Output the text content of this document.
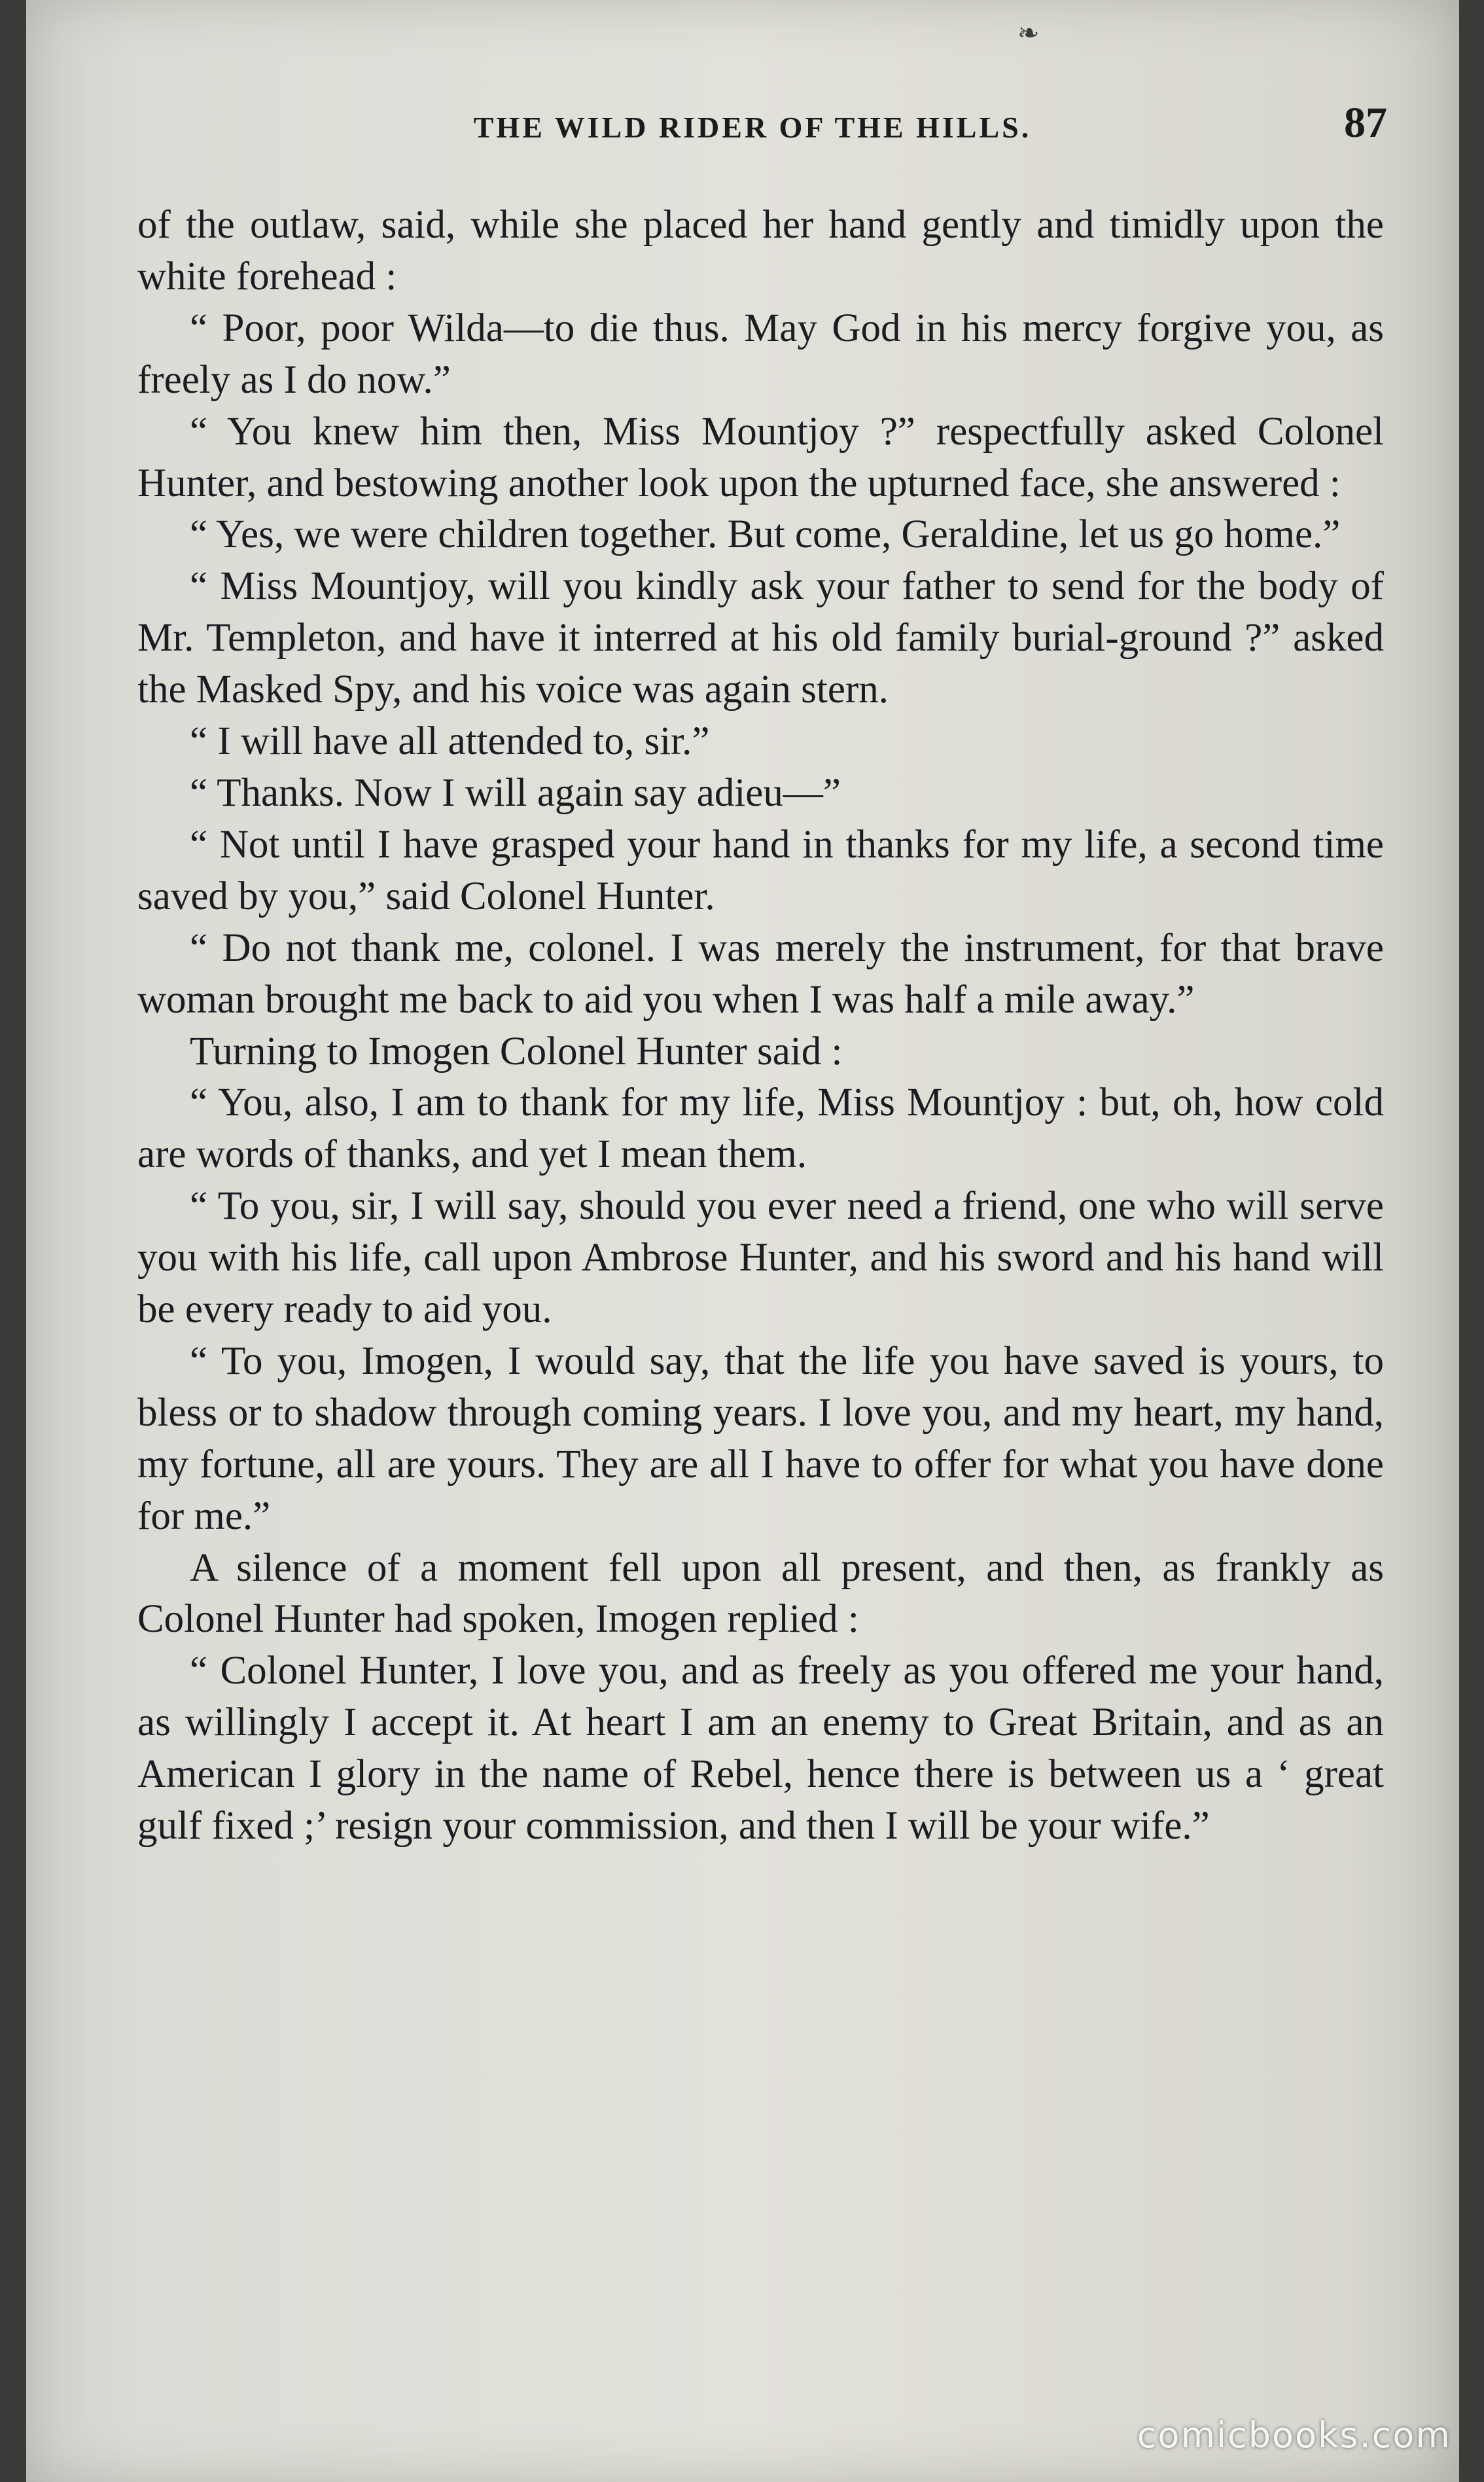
❧
THE WILD RIDER OF THE HILLS.	87

of the outlaw, said, while she placed her hand gently and timidly upon the white forehead :

“ Poor, poor Wilda—to die thus. May God in his mercy forgive you, as freely as I do now.”

“ You knew him then, Miss Mountjoy ?” respectfully asked Colonel Hunter, and bestowing another look upon the upturned face, she answered :

“ Yes, we were children together. But come, Geraldine, let us go home.”

“ Miss Mountjoy, will you kindly ask your father to send for the body of Mr. Templeton, and have it interred at his old family burial-ground ?” asked the Masked Spy, and his voice was again stern.

“ I will have all attended to, sir.”

“ Thanks. Now I will again say adieu—”

“ Not until I have grasped your hand in thanks for my life, a second time saved by you,” said Colonel Hunter.

“ Do not thank me, colonel. I was merely the instrument, for that brave woman brought me back to aid you when I was half a mile away.”

Turning to Imogen Colonel Hunter said :

“ You, also, I am to thank for my life, Miss Mountjoy : but, oh, how cold are words of thanks, and yet I mean them.

“ To you, sir, I will say, should you ever need a friend, one who will serve you with his life, call upon Ambrose Hunter, and his sword and his hand will be every ready to aid you.

“ To you, Imogen, I would say, that the life you have saved is yours, to bless or to shadow through coming years. I love you, and my heart, my hand, my fortune, all are yours. They are all I have to offer for what you have done for me.”

A silence of a moment fell upon all present, and then, as frankly as Colonel Hunter had spoken, Imogen replied :

“ Colonel Hunter, I love you, and as freely as you offered me your hand, as willingly I accept it. At heart I am an enemy to Great Britain, and as an American I glory in the name of Rebel, hence there is between us a ‘ great gulf fixed ;’ resign your commission, and then I will be your wife.”

comicbooks.com
